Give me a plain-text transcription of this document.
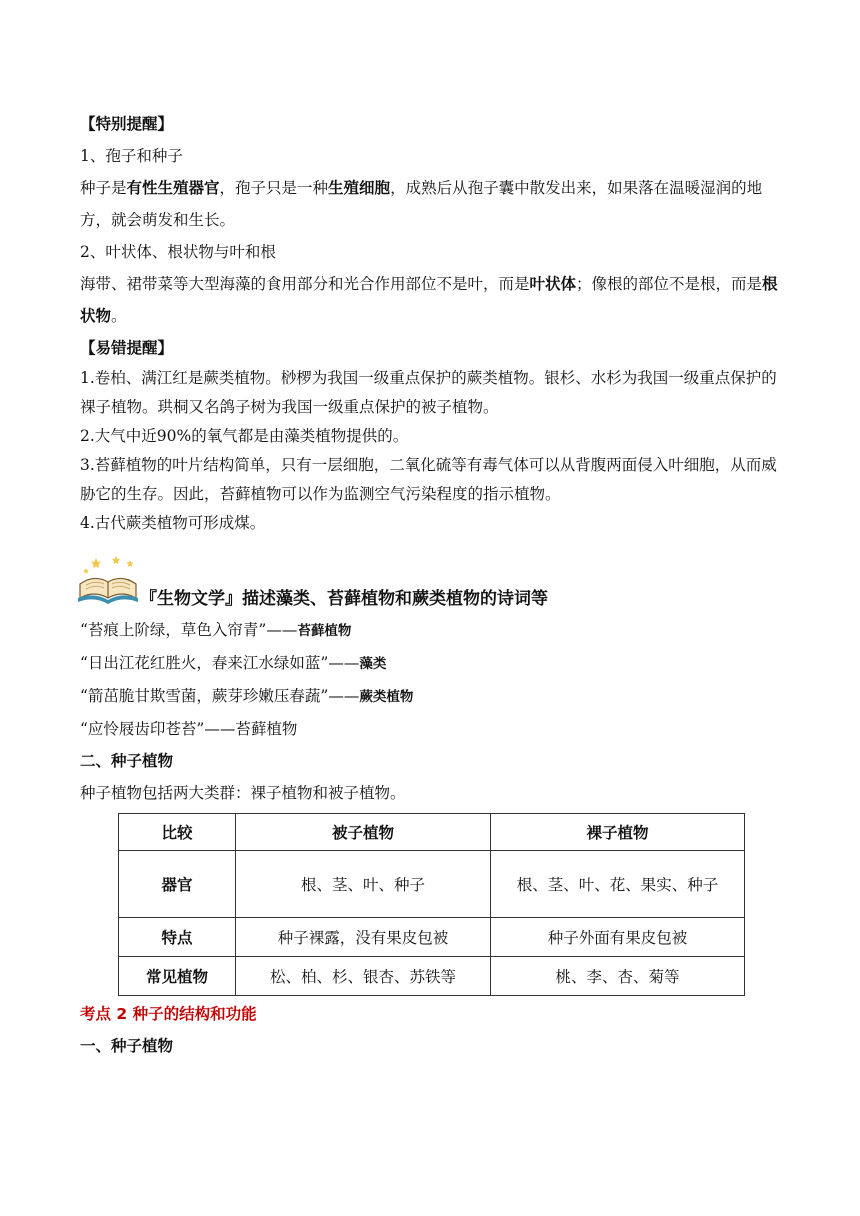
【特别提醒】

1、孢子和种子

种子是有性生殖器官，孢子只是一种生殖细胞，成熟后从孢子囊中散发出来，如果落在温暖湿润的地方，就会萌发和生长。

2、叶状体、根状物与叶和根

海带、裙带菜等大型海藻的食用部分和光合作用部位不是叶，而是叶状体；像根的部位不是根，而是根状物。

【易错提醒】

1.卷柏、满江红是蕨类植物。桫椤为我国一级重点保护的蕨类植物。银杉、水杉为我国一级重点保护的裸子植物。珙桐又名鸽子树为我国一级重点保护的被子植物。

2.大气中近90%的氧气都是由藻类植物提供的。

3.苔藓植物的叶片结构简单，只有一层细胞，二氧化硫等有毒气体可以从背腹两面侵入叶细胞，从而威胁它的生存。因此，苔藓植物可以作为监测空气污染程度的指示植物。

4.古代蕨类植物可形成煤。

『生物文学』描述藻类、苔藓植物和蕨类植物的诗词等

“苔痕上阶绿，草色入帘青”——苔藓植物

“日出江花红胜火，春来江水绿如蓝”——藻类

“箭茁脆甘欺雪菌，蕨芽珍嫩压春蔬”——蕨类植物

“应怜屐齿印苍苔”——苔藓植物

二、种子植物

种子植物包括两大类群：裸子植物和被子植物。

比较	被子植物	裸子植物
器官	根、茎、叶、种子	根、茎、叶、花、果实、种子
特点	种子裸露，没有果皮包被	种子外面有果皮包被
常见植物	松、柏、杉、银杏、苏铁等	桃、李、杏、菊等

考点 2 种子的结构和功能

一、种子植物
